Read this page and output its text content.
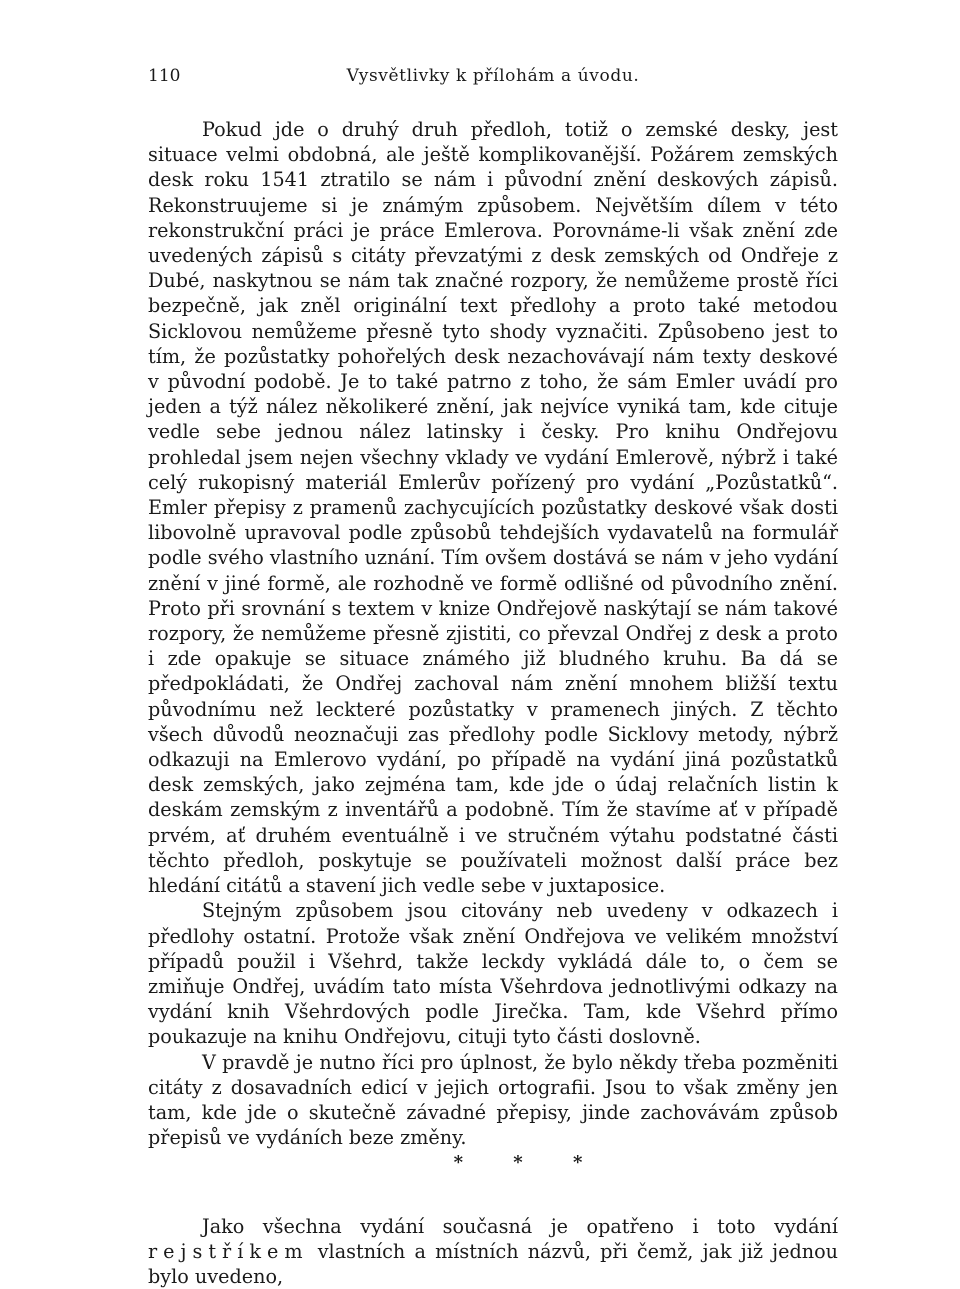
110	Vysvětlivky k přílohám a úvodu.

Pokud jde o druhý druh předloh, totiž o zemské desky, jest situace velmi obdobná, ale ještě komplikovanější. Požárem zemských desk roku 1541 ztratilo se nám i původní znění deskových zápisů. Rekonstruujeme si je známým způsobem. Největším dílem v této rekonstrukční práci je práce Emlerova. Porovnáme-li však znění zde uvedených zápisů s citáty převzatými z desk zemských od Ondřeje z Dubé, naskytnou se nám tak značné rozpory, že nemůžeme prostě říci bezpečně, jak zněl originální text předlohy a proto také metodou Sicklovou nemůžeme přesně tyto shody vyznačiti. Způsobeno jest to tím, že pozůstatky pohořelých desk nezachovávají nám texty deskové v původní podobě. Je to také patrno z toho, že sám Emler uvádí pro jeden a týž nález několikeré znění, jak nejvíce vyniká tam, kde cituje vedle sebe jednou nález latinsky i česky. Pro knihu Ondřejovu prohledal jsem nejen všechny vklady ve vydání Emlerově, nýbrž i také celý rukopisný materiál Emlerův pořízený pro vydání „Pozůstatků“. Emler přepisy z pramenů zachycujících pozůstatky deskové však dosti libovolně upravoval podle způsobů tehdejších vydavatelů na formulář podle svého vlastního uznání. Tím ovšem dostává se nám v jeho vydání znění v jiné formě, ale rozhodně ve formě odlišné od původního znění. Proto při srovnání s textem v knize Ondřejově naskýtají se nám takové rozpory, že nemůžeme přesně zjistiti, co převzal Ondřej z desk a proto i zde opakuje se situace známého již bludného kruhu. Ba dá se předpokládati, že Ondřej zachoval nám znění mnohem bližší textu původnímu než leckteré pozůstatky v pramenech jiných. Z těchto všech důvodů neoznačuji zas předlohy podle Sicklovy metody, nýbrž odkazuji na Emlerovo vydání, po případě na vydání jiná pozůstatků desk zemských, jako zejména tam, kde jde o údaj relačních listin k deskám zemským z inventářů a podobně. Tím že stavíme ať v případě prvém, ať druhém eventuálně i ve stručném výtahu podstatné části těchto předloh, poskytuje se používateli možnost další práce bez hledání citátů a stavení jich vedle sebe v juxtaposice.

Stejným způsobem jsou citovány neb uvedeny v odkazech i předlohy ostatní. Protože však znění Ondřejova ve velikém množství případů použil i Všehrd, takže leckdy vykládá dále to, o čem se zmiňuje Ondřej, uvádím tato místa Všehrdova jednotlivými odkazy na vydání knih Všehrdových podle Jirečka. Tam, kde Všehrd přímo poukazuje na knihu Ondřejovu, cituji tyto části doslovně.

V pravdě je nutno říci pro úplnost, že bylo někdy třeba pozměniti citáty z dosavadních edicí v jejich ortografii. Jsou to však změny jen tam, kde jde o skutečně závadné přepisy, jinde zachovávám způsob přepisů ve vydáních beze změny.

* * *

Jako všechna vydání současná je opatřeno i toto vydání rejstříkem vlastních a místních názvů, při čemž, jak již jednou bylo uvedeno,
